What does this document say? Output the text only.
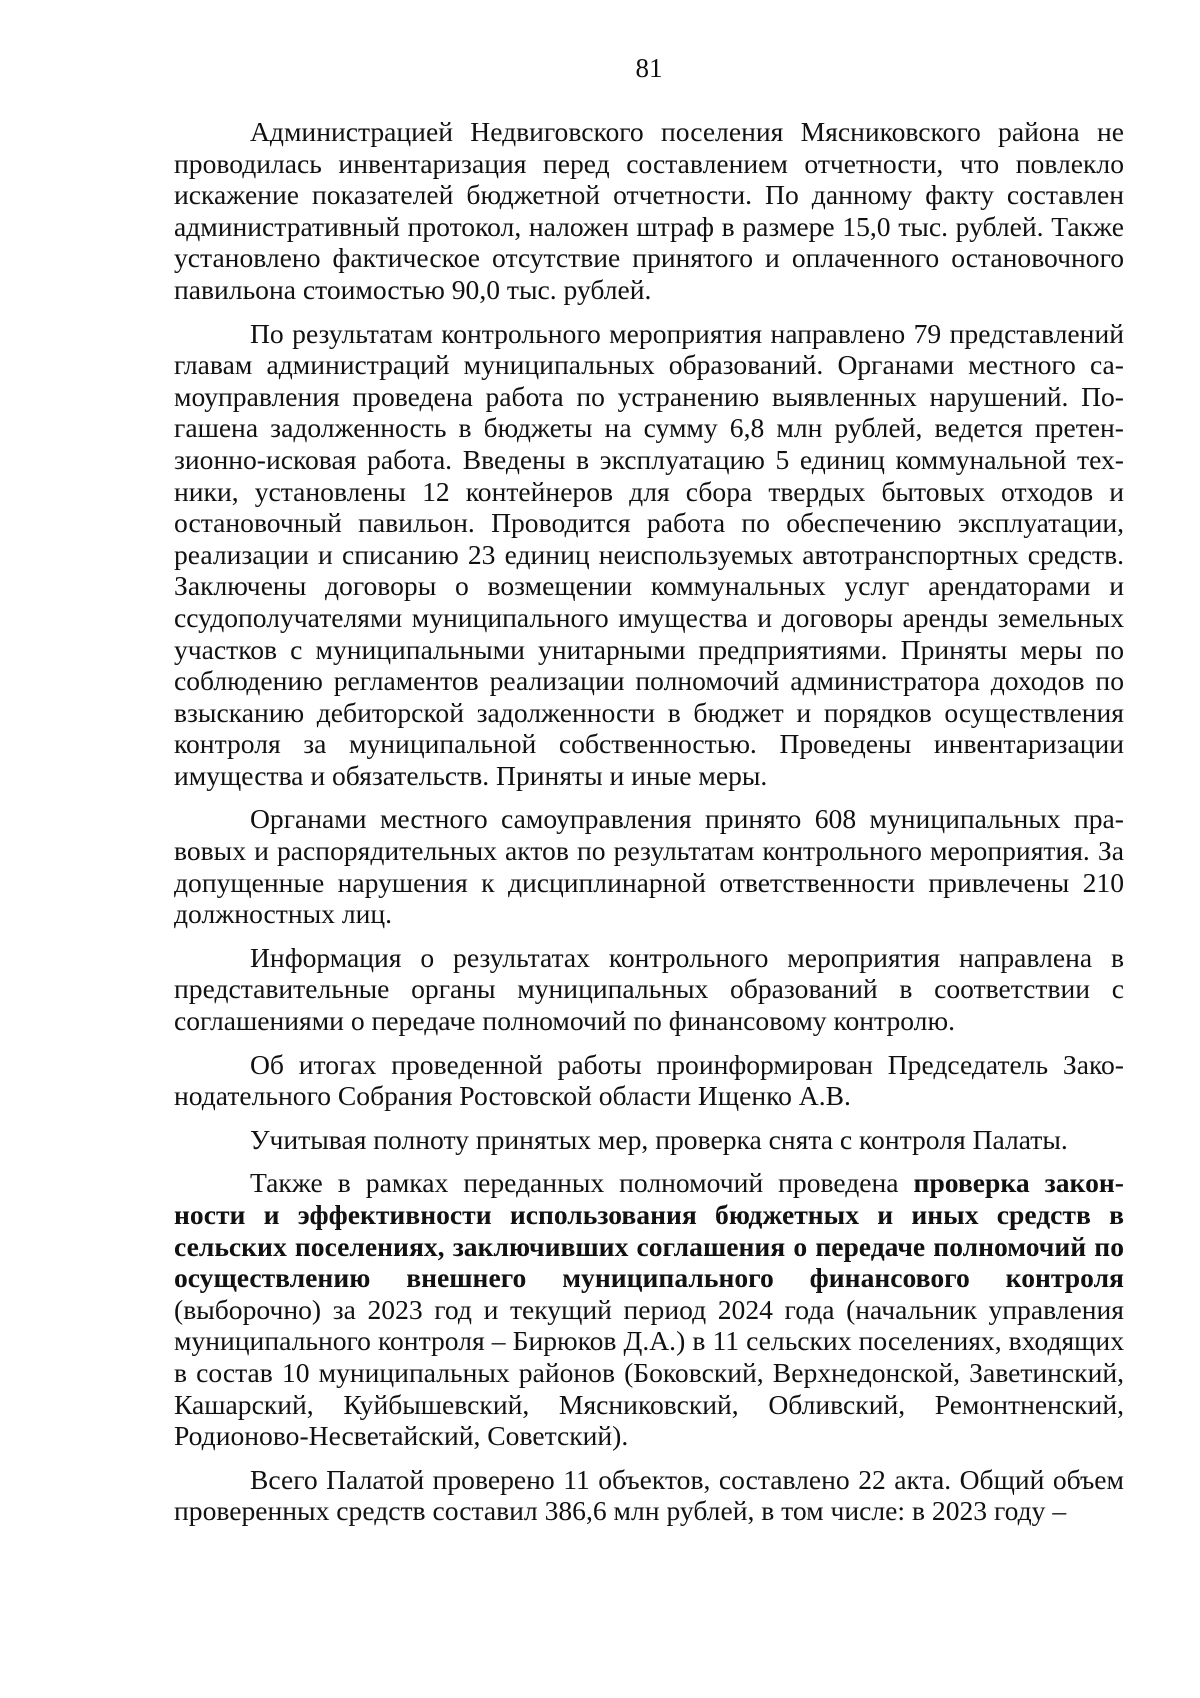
81

Администрацией Недвиговского поселения Мясниковского района не проводилась инвентаризация перед составлением отчетности, что повлекло искажение показателей бюджетной отчетности. По данному факту составлен административный протокол, наложен штраф в размере 15,0 тыс. рублей. Также установлено фактическое отсутствие принятого и оплаченного остановочного павильона стоимостью 90,0 тыс. рублей.

По результатам контрольного мероприятия направлено 79 представлений главам администраций муниципальных образований. Органами местного самоуправления проведена работа по устранению выявленных нарушений. Погашена задолженность в бюджеты на сумму 6,8 млн рублей, ведется претензионно-исковая работа. Введены в эксплуатацию 5 единиц коммунальной техники, установлены 12 контейнеров для сбора твердых бытовых отходов и остановочный павильон. Проводится работа по обеспечению эксплуатации, реализации и списанию 23 единиц неиспользуемых автотранспортных средств. Заключены договоры о возмещении коммунальных услуг арендаторами и ссудополучателями муниципального имущества и договоры аренды земельных участков с муниципальными унитарными предприятиями. Приняты меры по соблюдению регламентов реализации полномочий администратора доходов по взысканию дебиторской задолженности в бюджет и порядков осуществления контроля за муниципальной собственностью. Проведены инвентаризации имущества и обязательств. Приняты и иные меры.

Органами местного самоуправления принято 608 муниципальных правовых и распорядительных актов по результатам контрольного мероприятия. За допущенные нарушения к дисциплинарной ответственности привлечены 210 должностных лиц.

Информация о результатах контрольного мероприятия направлена в представительные органы муниципальных образований в соответствии с соглашениями о передаче полномочий по финансовому контролю.

Об итогах проведенной работы проинформирован Председатель Законодательного Собрания Ростовской области Ищенко А.В.

Учитывая полноту принятых мер, проверка снята с контроля Палаты.

Также в рамках переданных полномочий проведена проверка законности и эффективности использования бюджетных и иных средств в сельских поселениях, заключивших соглашения о передаче полномочий по осуществлению внешнего муниципального финансового контроля (выборочно) за 2023 год и текущий период 2024 года (начальник управления муниципального контроля – Бирюков Д.А.) в 11 сельских поселениях, входящих в состав 10 муниципальных районов (Боковский, Верхнедонской, Заветинский, Кашарский, Куйбышевский, Мясниковский, Обливский, Ремонтненский, Родионово-Несветайский, Советский).

Всего Палатой проверено 11 объектов, составлено 22 акта. Общий объем проверенных средств составил 386,6 млн рублей, в том числе: в 2023 году –
